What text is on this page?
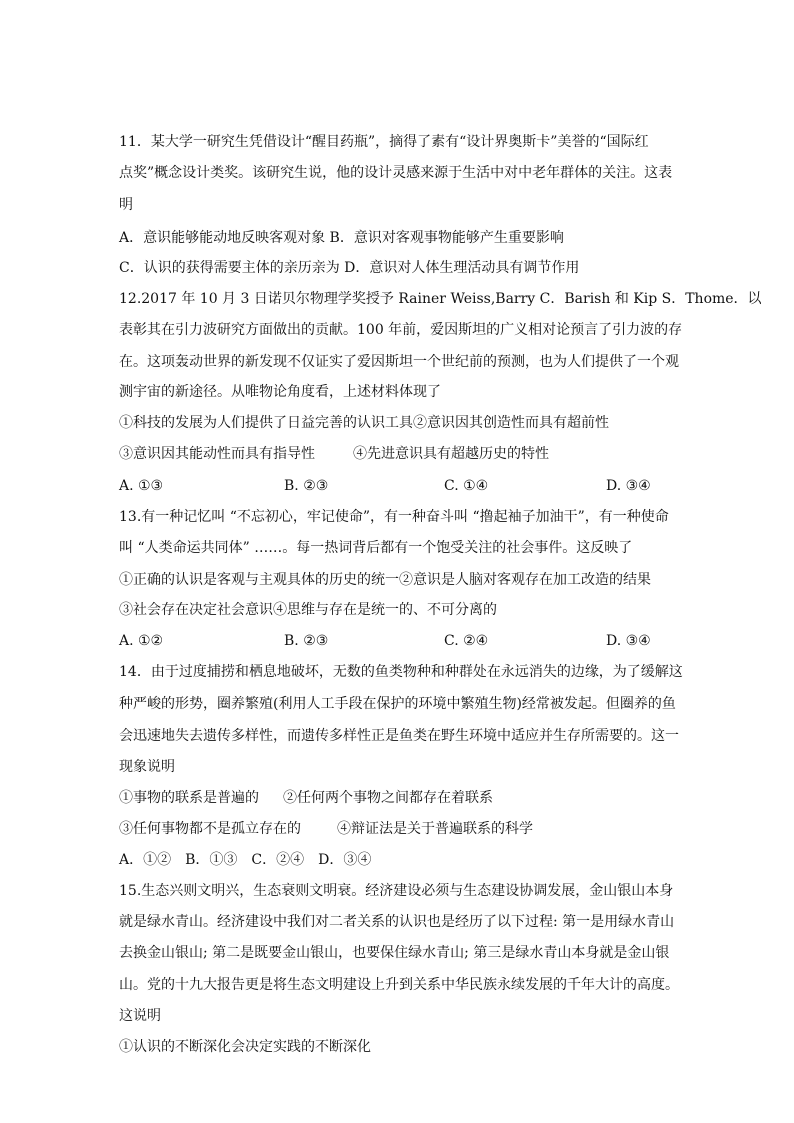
11．某大学一研究生凭借设计“醒目药瓶”，摘得了素有“设计界奥斯卡”美誉的“国际红
点奖”概念设计类奖。该研究生说，他的设计灵感来源于生活中对中老年群体的关注。这表
明
A．意识能够能动地反映客观对象 B．意识对客观事物能够产生重要影响
C．认识的获得需要主体的亲历亲为 D．意识对人体生理活动具有调节作用
12.2017 年 10 月 3 日诺贝尔物理学奖授予 Rainer Weiss,Barry C．Barish 和 Kip S．Thome．以
表彰其在引力波研究方面做出的贡献。100 年前，爱因斯坦的广义相对论预言了引力波的存
在。这项轰动世界的新发现不仅证实了爱因斯坦一个世纪前的预测，也为人们提供了一个观
测宇宙的新途径。从唯物论角度看，上述材料体现了
①科技的发展为人们提供了日益完善的认识工具②意识因其创造性而具有超前性
③意识因其能动性而具有指导性	④先进意识具有超越历史的特性
A. ①③	B. ②③	C. ①④	D. ③④
13.有一种记忆叫 “不忘初心，牢记使命”，有一种奋斗叫 “撸起袖子加油干”，有一种使命
叫 “人类命运共同体” ……。每一热词背后都有一个饱受关注的社会事件。这反映了
①正确的认识是客观与主观具体的历史的统一②意识是人脑对客观存在加工改造的结果
③社会存在决定社会意识④思维与存在是统一的、不可分离的
A. ①②	B. ②③	C. ②④	D. ③④
14．由于过度捕捞和栖息地破坏，无数的鱼类物种和种群处在永远消失的边缘，为了缓解这
种严峻的形势，圈养繁殖(利用人工手段在保护的环境中繁殖生物)经常被发起。但圈养的鱼
会迅速地失去遗传多样性，而遗传多样性正是鱼类在野生环境中适应并生存所需要的。这一
现象说明
①事物的联系是普遍的 ②任何两个事物之间都存在着联系
③任何事物都不是孤立存在的	④辩证法是关于普遍联系的科学
A．①②　B．①③　C．②④　D．③④
15.生态兴则文明兴，生态衰则文明衰。经济建设必须与生态建设协调发展，金山银山本身
就是绿水青山。经济建设中我们对二者关系的认识也是经历了以下过程: 第一是用绿水青山
去换金山银山; 第二是既要金山银山，也要保住绿水青山; 第三是绿水青山本身就是金山银
山。党的十九大报告更是将生态文明建设上升到关系中华民族永续发展的千年大计的高度。
这说明
①认识的不断深化会决定实践的不断深化
